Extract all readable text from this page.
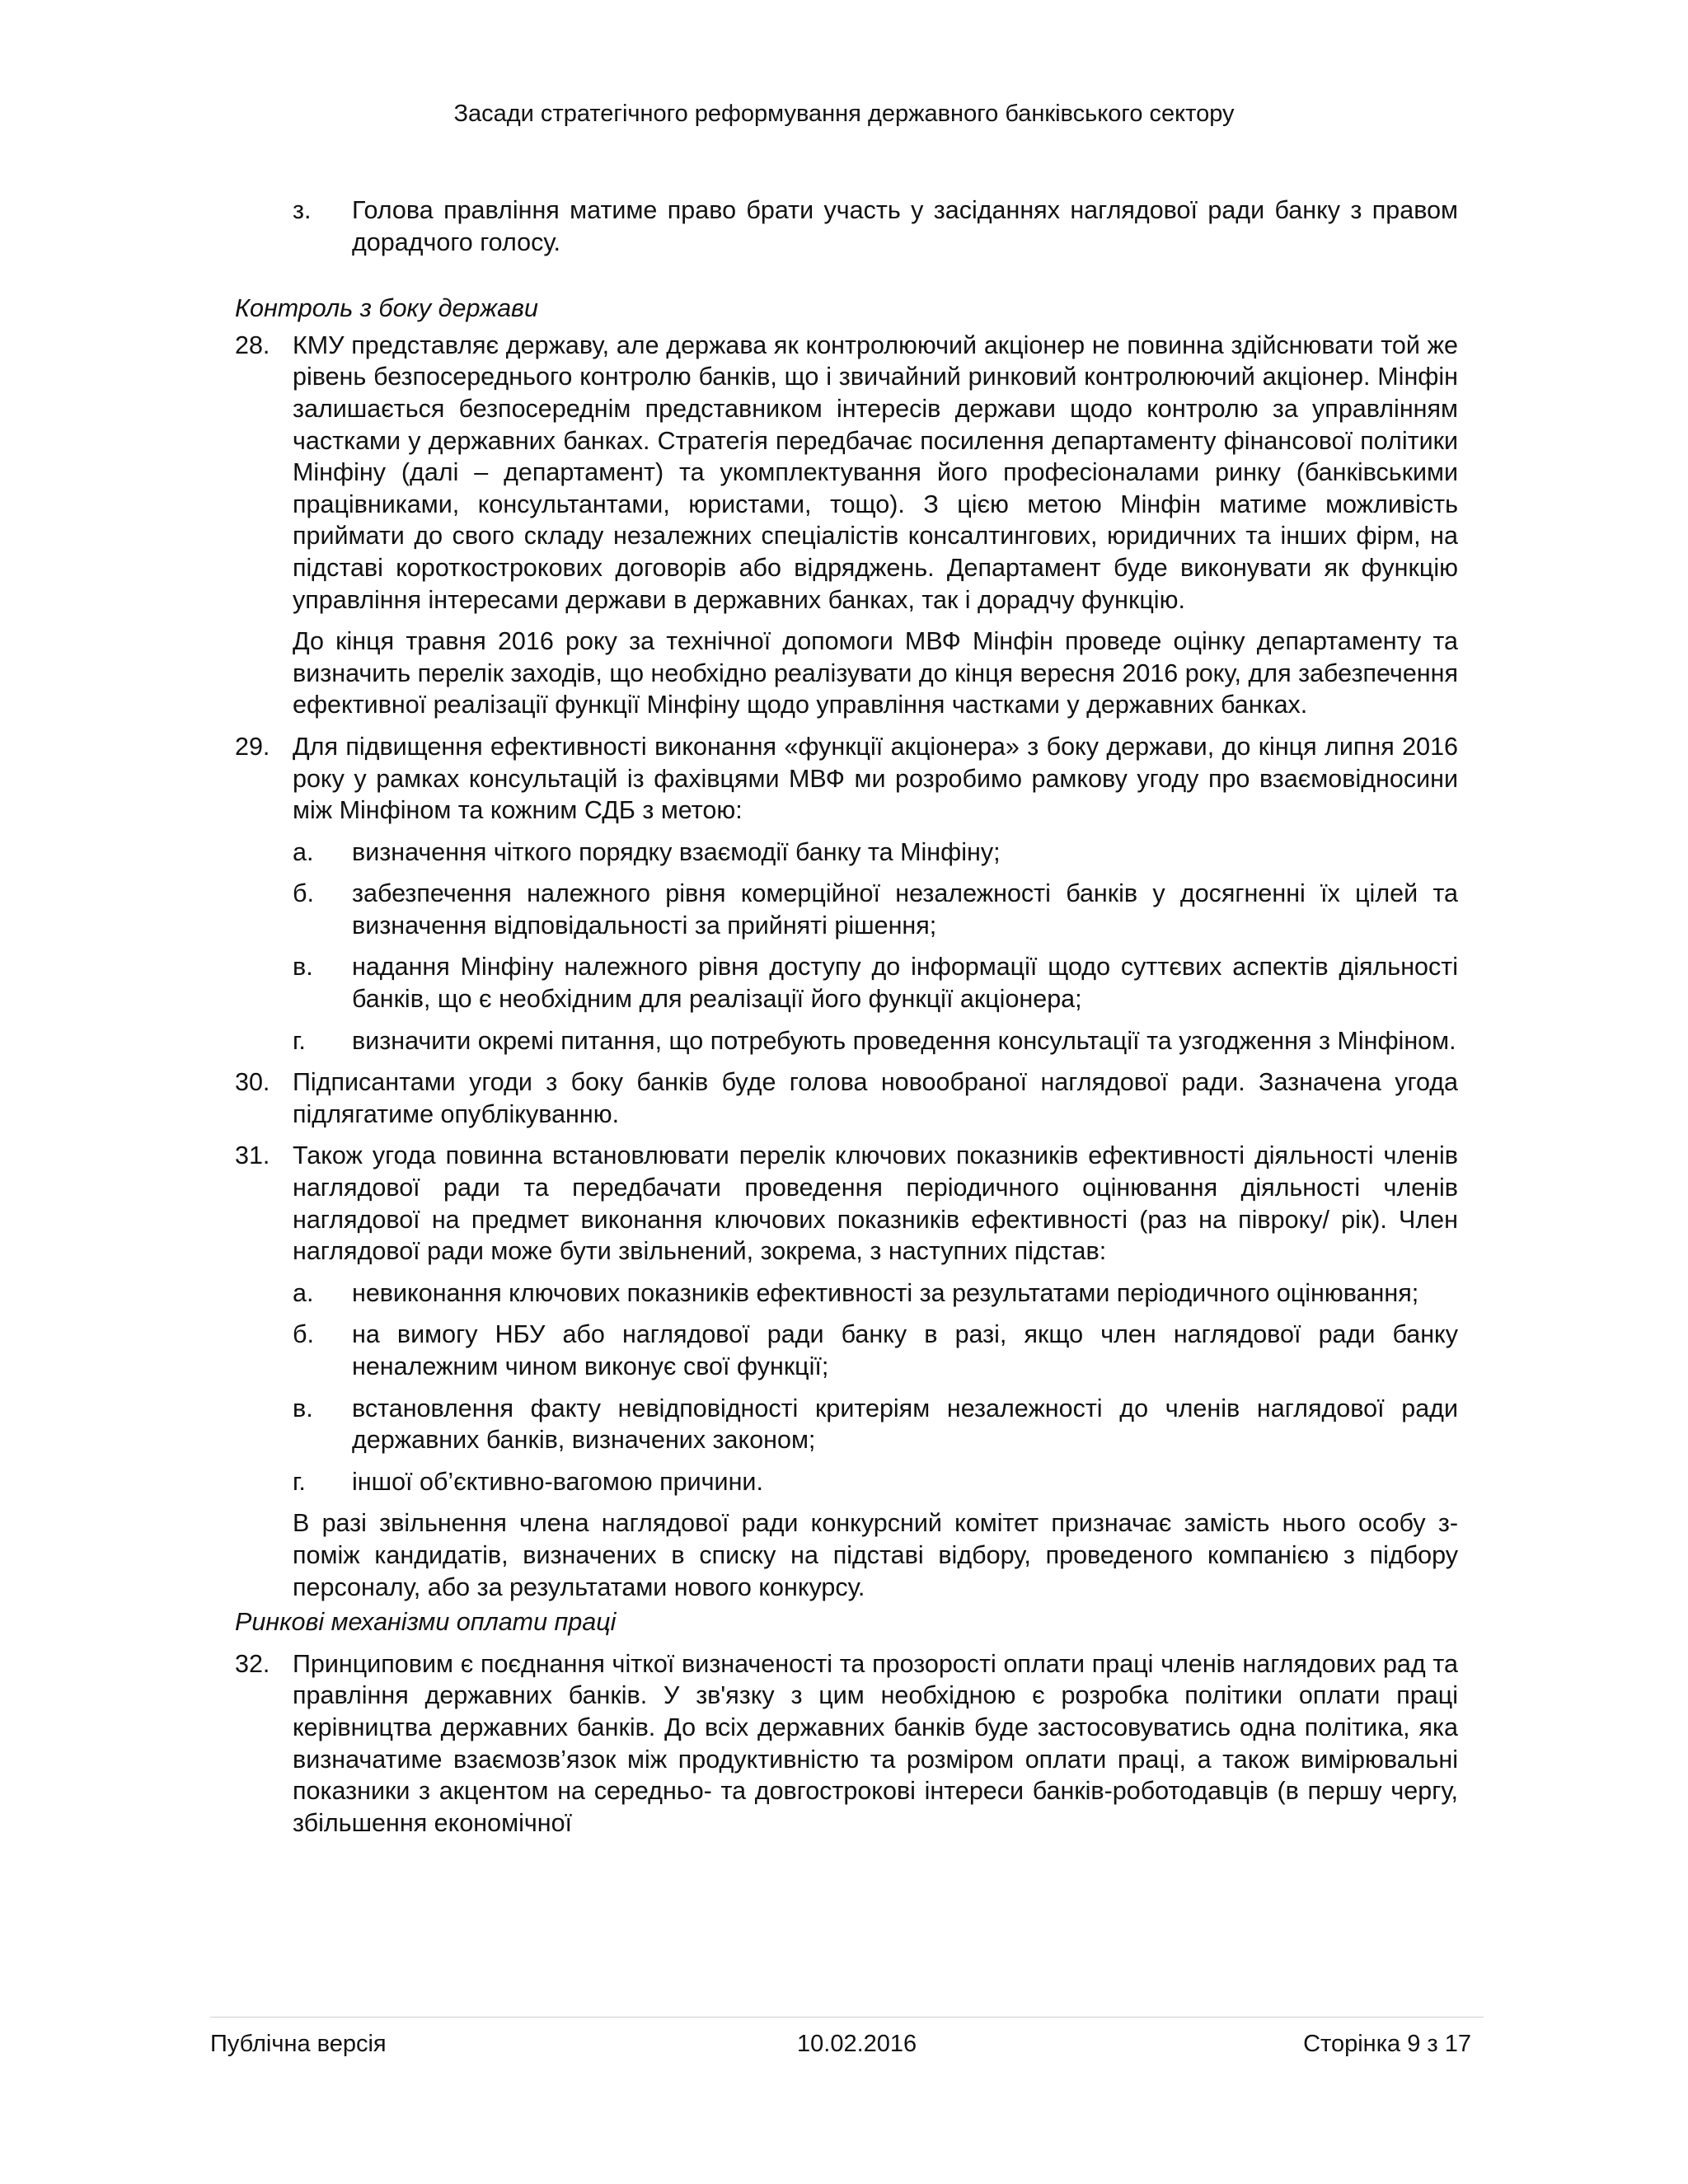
Засади стратегічного реформування державного банківського сектору
з.	Голова правління матиме право брати участь у засіданнях наглядової ради банку з правом дорадчого голосу.
Контроль з боку держави
28. КМУ представляє державу, але держава як контролюючий акціонер не повинна здійснювати той же рівень безпосереднього контролю банків, що і звичайний ринковий контролюючий акціонер. Мінфін залишається безпосереднім представником інтересів держави щодо контролю за управлінням частками у державних банках. Стратегія передбачає посилення департаменту фінансової політики Мінфіну (далі – департамент) та укомплектування його професіоналами ринку (банківськими працівниками, консультантами, юристами, тощо). З цією метою Мінфін матиме можливість приймати до свого складу незалежних спеціалістів консалтингових, юридичних та інших фірм, на підставі короткострокових договорів або відряджень. Департамент буде виконувати як функцію управління інтересами держави в державних банках, так і дорадчу функцію.
До кінця травня 2016 року за технічної допомоги МВФ Мінфін проведе оцінку департаменту та визначить перелік заходів, що необхідно реалізувати до кінця вересня 2016 року, для забезпечення ефективної реалізації функції Мінфіну щодо управління частками у державних банках.
29. Для підвищення ефективності виконання «функції акціонера» з боку держави, до кінця липня 2016 року у рамках консультацій із фахівцями МВФ ми розробимо рамкову угоду про взаємовідносини між Мінфіном та кожним СДБ з метою:
а.	визначення чіткого порядку взаємодії банку та Мінфіну;
б.	забезпечення належного рівня комерційної незалежності банків у досягненні їх цілей та визначення відповідальності за прийняті рішення;
в.	надання Мінфіну належного рівня доступу до інформації щодо суттєвих аспектів діяльності банків, що є необхідним для реалізації його функції акціонера;
г.	визначити окремі питання, що потребують проведення консультації та узгодження з Мінфіном.
30. Підписантами угоди з боку банків буде голова новообраної наглядової ради. Зазначена угода підлягатиме опублікуванню.
31. Також угода повинна встановлювати перелік ключових показників ефективності діяльності членів наглядової ради та передбачати проведення періодичного оцінювання діяльності членів наглядової на предмет виконання ключових показників ефективності (раз на півроку/ рік). Член наглядової ради може бути звільнений, зокрема, з наступних підстав:
а.	невиконання ключових показників ефективності за результатами періодичного оцінювання;
б.	на вимогу НБУ або наглядової ради банку в разі, якщо член наглядової ради банку неналежним чином виконує свої функції;
в.	встановлення факту невідповідності критеріям незалежності до членів наглядової ради державних банків, визначених законом;
г.	іншої об’єктивно-вагомою причини.
В разі звільнення члена наглядової ради конкурсний комітет призначає замість нього особу з-поміж кандидатів, визначених в списку на підставі відбору, проведеного компанією з підбору персоналу, або за результатами нового конкурсу.
Ринкові механізми оплати праці
32. Принциповим є поєднання чіткої визначеності та прозорості оплати праці членів наглядових рад та правління державних банків. У зв'язку з цим необхідною є розробка політики оплати праці керівництва державних банків. До всіх державних банків буде застосовуватись одна політика, яка визначатиме взаємозв’язок між продуктивністю та розміром оплати праці, а також вимірювальні показники з акцентом на середньо- та довгострокові інтереси банків-роботодавців (в першу чергу, збільшення економічної
Публічна версія	10.02.2016	Сторінка 9 з 17
